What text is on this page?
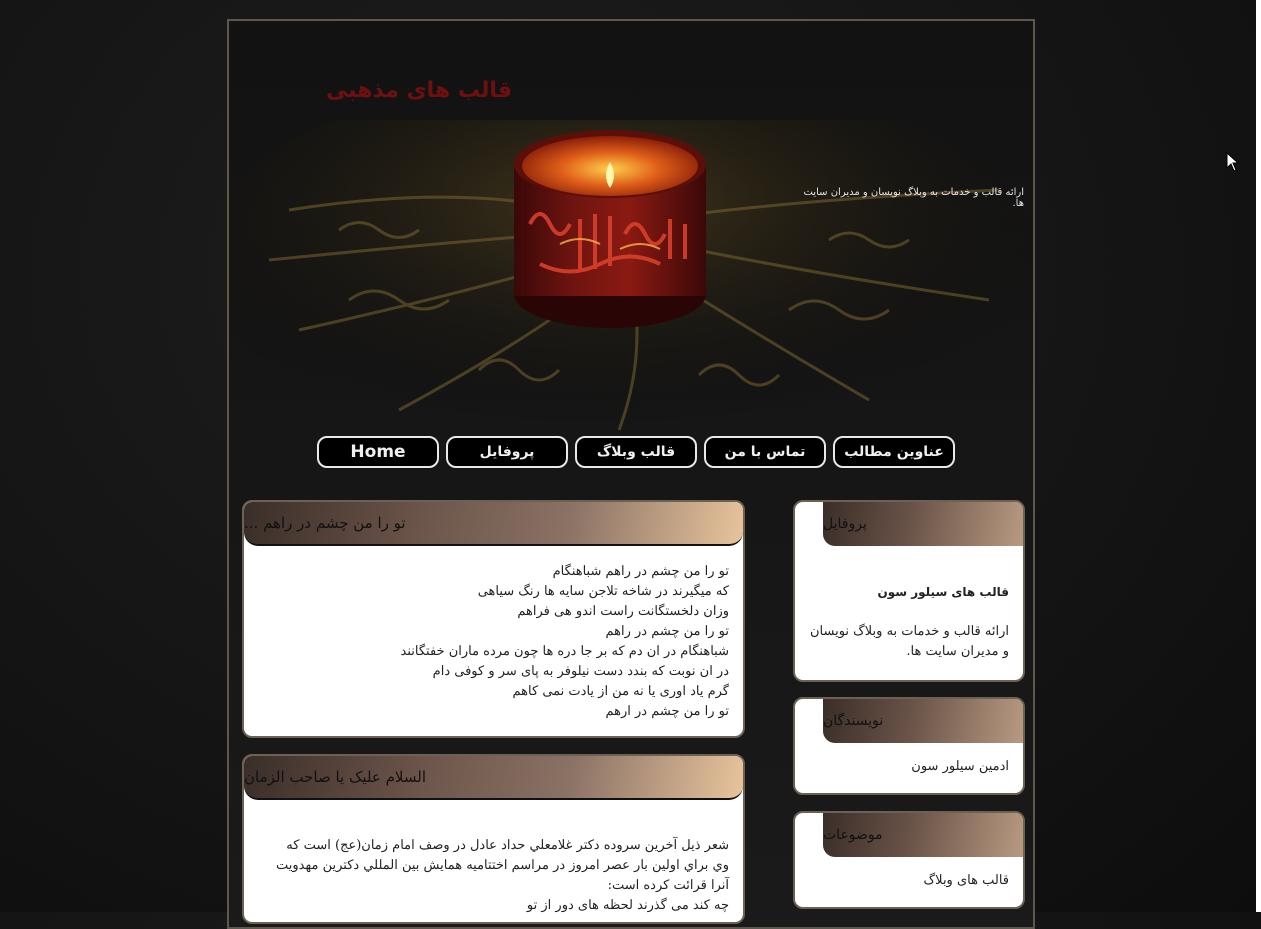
قالب های مذهبی
ارائه قالب و خدمات به وبلاگ نویسان و مدیران سایت ها.
عناوین مطالب
تماس با من
قالب وبلاگ
پروفایل
Home
تو را من چشم در راهم ...
تو را من چشم در راهم شباهنگام
که میگیرند در شاخه تلاجن سایه ها رنگ سیاهی
وزان دلخستگانت راست اندو هی فراهم
تو را من چشم در راهم
شباهنگام در ان دم که بر جا دره ها چون مرده ماران خفتگانند
در ان نوبت که بندد دست نیلوفر به پای سر و کوفی دام
گرم یاد اوری یا نه من از یادت نمی کاهم
تو را من چشم در ارهم
السلام علیک یا صاحب الزمان
شعر ذيل آخرين سروده دكتر غلامعلي حداد عادل در وصف امام زمان(عج) است كه
وي براي اولين بار عصر امروز در مراسم اختتاميه همايش بين المللي دكترين مهدويت
آنرا قرائت كرده است:
چه کند می گذرند لحظه های دور از تو
پروفایل
قالب های سیلور سون
ارائه قالب و خدمات به وبلاگ نویسان و مدیران سایت ها.
نویسندگان
ادمین سیلور سون
موضوعات
قالب های وبلاگ
